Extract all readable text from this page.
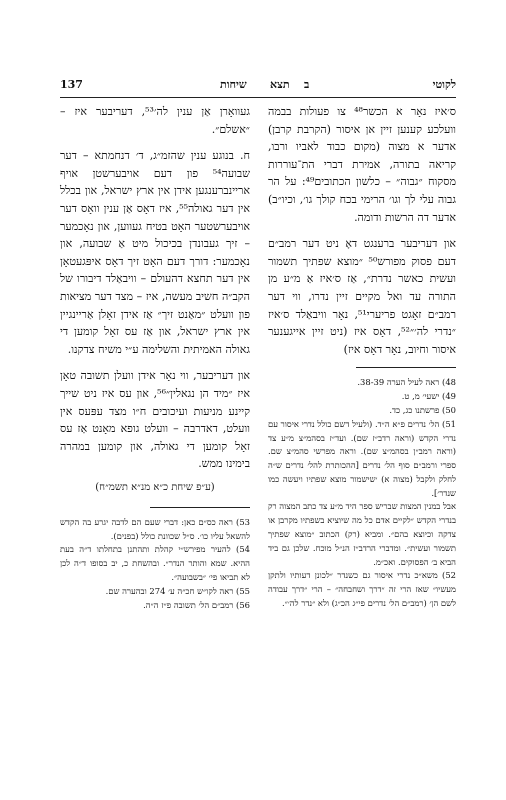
137	שיחות תצא ב	לקוטי

ס׳איז נאָר א הכשר⁴⁸ צו פעולות בבמה וועלכע קענען זיין אן איסור (הקרבת קרבן) אדער א מצוה (מקום כבוד לאביו ורבו, קריאה בתורה, אמירת דברי הת־עוררות מסקוח ״גבוה״ – כלשון הכתובים⁴⁹: על הר גבוה עלי לך וגו׳ הרימי בכח קולך גו׳, וכיו״ב) אדער דה הרשות ודומה.

און דעריבער ברענגט דאָ ניט דער רמב״ם דעם פסוק מפורש⁵⁰ ״מוצא שפתיך תשמור ועשית כאשר נדרת״, אַז ס׳איז אַ מ״ע מן התורה עד ואל מקיים זיין נדרו, ווי דער רמב״ם זאָגט פריערי⁵¹, נאָר וויבאַלד ס׳איז ״נדרי לה׳״⁵², דאָס איז (ניט זיין אייגענער איסור וחיוב, נאָר דאָס איז)

48) ראה לעיל הערה 38-39.
49) ישעי׳ מ, ט.
50) פרשתנו כג, כד.
51) הל׳ נדרים פ״א ה״ד. (ולעיל דשם כולל נדרי איסור עם נדרי הקדש (וראה רדב״ז שם). ועד״ז בסהמ״צ מ״ע צד (וראה רמב״ן בסהמ״צ שם). וראה מפרשי סהמ״צ שם. ספרי ורמב״ם סוף הל׳ נדרים [ההכותרת להל׳ נדרים ש״ה לחלק ולקבל (מצוה א) ׳שישמור מוצא שפתיו ויעשה כמו שנדר׳].
אבל במנין המצות שבריש ספר היד מ״ע צד כתב המצוה רק בנדרי הקדש ״לקיים אדם כל מה שיוציא בשפתיו מקרבן או צדקה וכיוצא בהם״. ומביא (רק) הכתוב ״מוצא שפתיך תשמור ועשית״. ומדברי הרדב״ז הנ״ל מוכח. שלכן גם ביד הביא ב׳ הפסוקים. ואכ״מ.
52) משא״כ נדרי איסור גם כשנדר ״לכונן דעותיו ולתקן מעשיו״ שאז הרי זה ״דרך ושחבחה״ – הרי ״דרך עבודה לשם הן׳ (רמב״ם הל׳ נדרים פי״ג הכ״ג) ולא ״נדר לה׳״.

געוואָרן אַן ענין לה׳⁵³, דעריבער איז – ״אשלם״.

ח. בנוגע ענין שהזמ״ג, ד׳ דנחמתא – דער שבועה⁵⁴ פון דעם אויבערשטן אויף אריינברענגען אידן אין ארץ ישראל, און בכלל אין דער גאולה⁵⁵, איז דאָס אַן ענין וואָס דער אויבערשטער האָט בטיח געווען, און נאָכמער – זיך געבונדן בכיכול מיט אַ שבועה, און נאָכמער: דורך דעם האָט זיך דאָס איפּגעטאָן אין דער תחצא דהעולם – וויבאַלד דיבורו של הקב״ה חשיב מעשה, איז – מצד דער מציאות פון וועלט ״מאַנט זיך״ אַז אידן זאָלן אַריינגיין אין ארץ ישראל, און אַז עס זאָל קומען די גאולה האמיתית והשלימה ע״י משיח צדקנו.

און דעריבער, ווי נאָר אידן וועלן תשובה טאָן איז ״מיד הן נגאלין״⁵⁶, און עס איז ניט שייך קיינע מניעות ועיכובים ח״ו מצד עפּעס אין וועלט, דאדרבה – וועלט גופא מאָנט אַז עס זאָל קומען די גאולה, און קומען במהרה בימינו ממש.

(ע״פ שיחת כ״א מנ״א תשמ״ח)
53) ראה כס״ם כאן: דברי שעם הם לדבה יגרע בה הקדש להשאל עליו כו׳. ס״ל שכוונת כולל (בפנים).
54) להעיר מפירש״י קהלת ותהתנן בתחלתו ד״ה בעת ההיא. שמא והותר הנדר״. ובהשחת כ, יב בסופו ד״ה לכן לא תביאו פי׳ ״בשבועה״.
55) ראה לקו״ש חכ״ה ע׳ 274 ובהערה שם.
56) רמב״ם הל׳ תשובה פ״ז ה״ה.
